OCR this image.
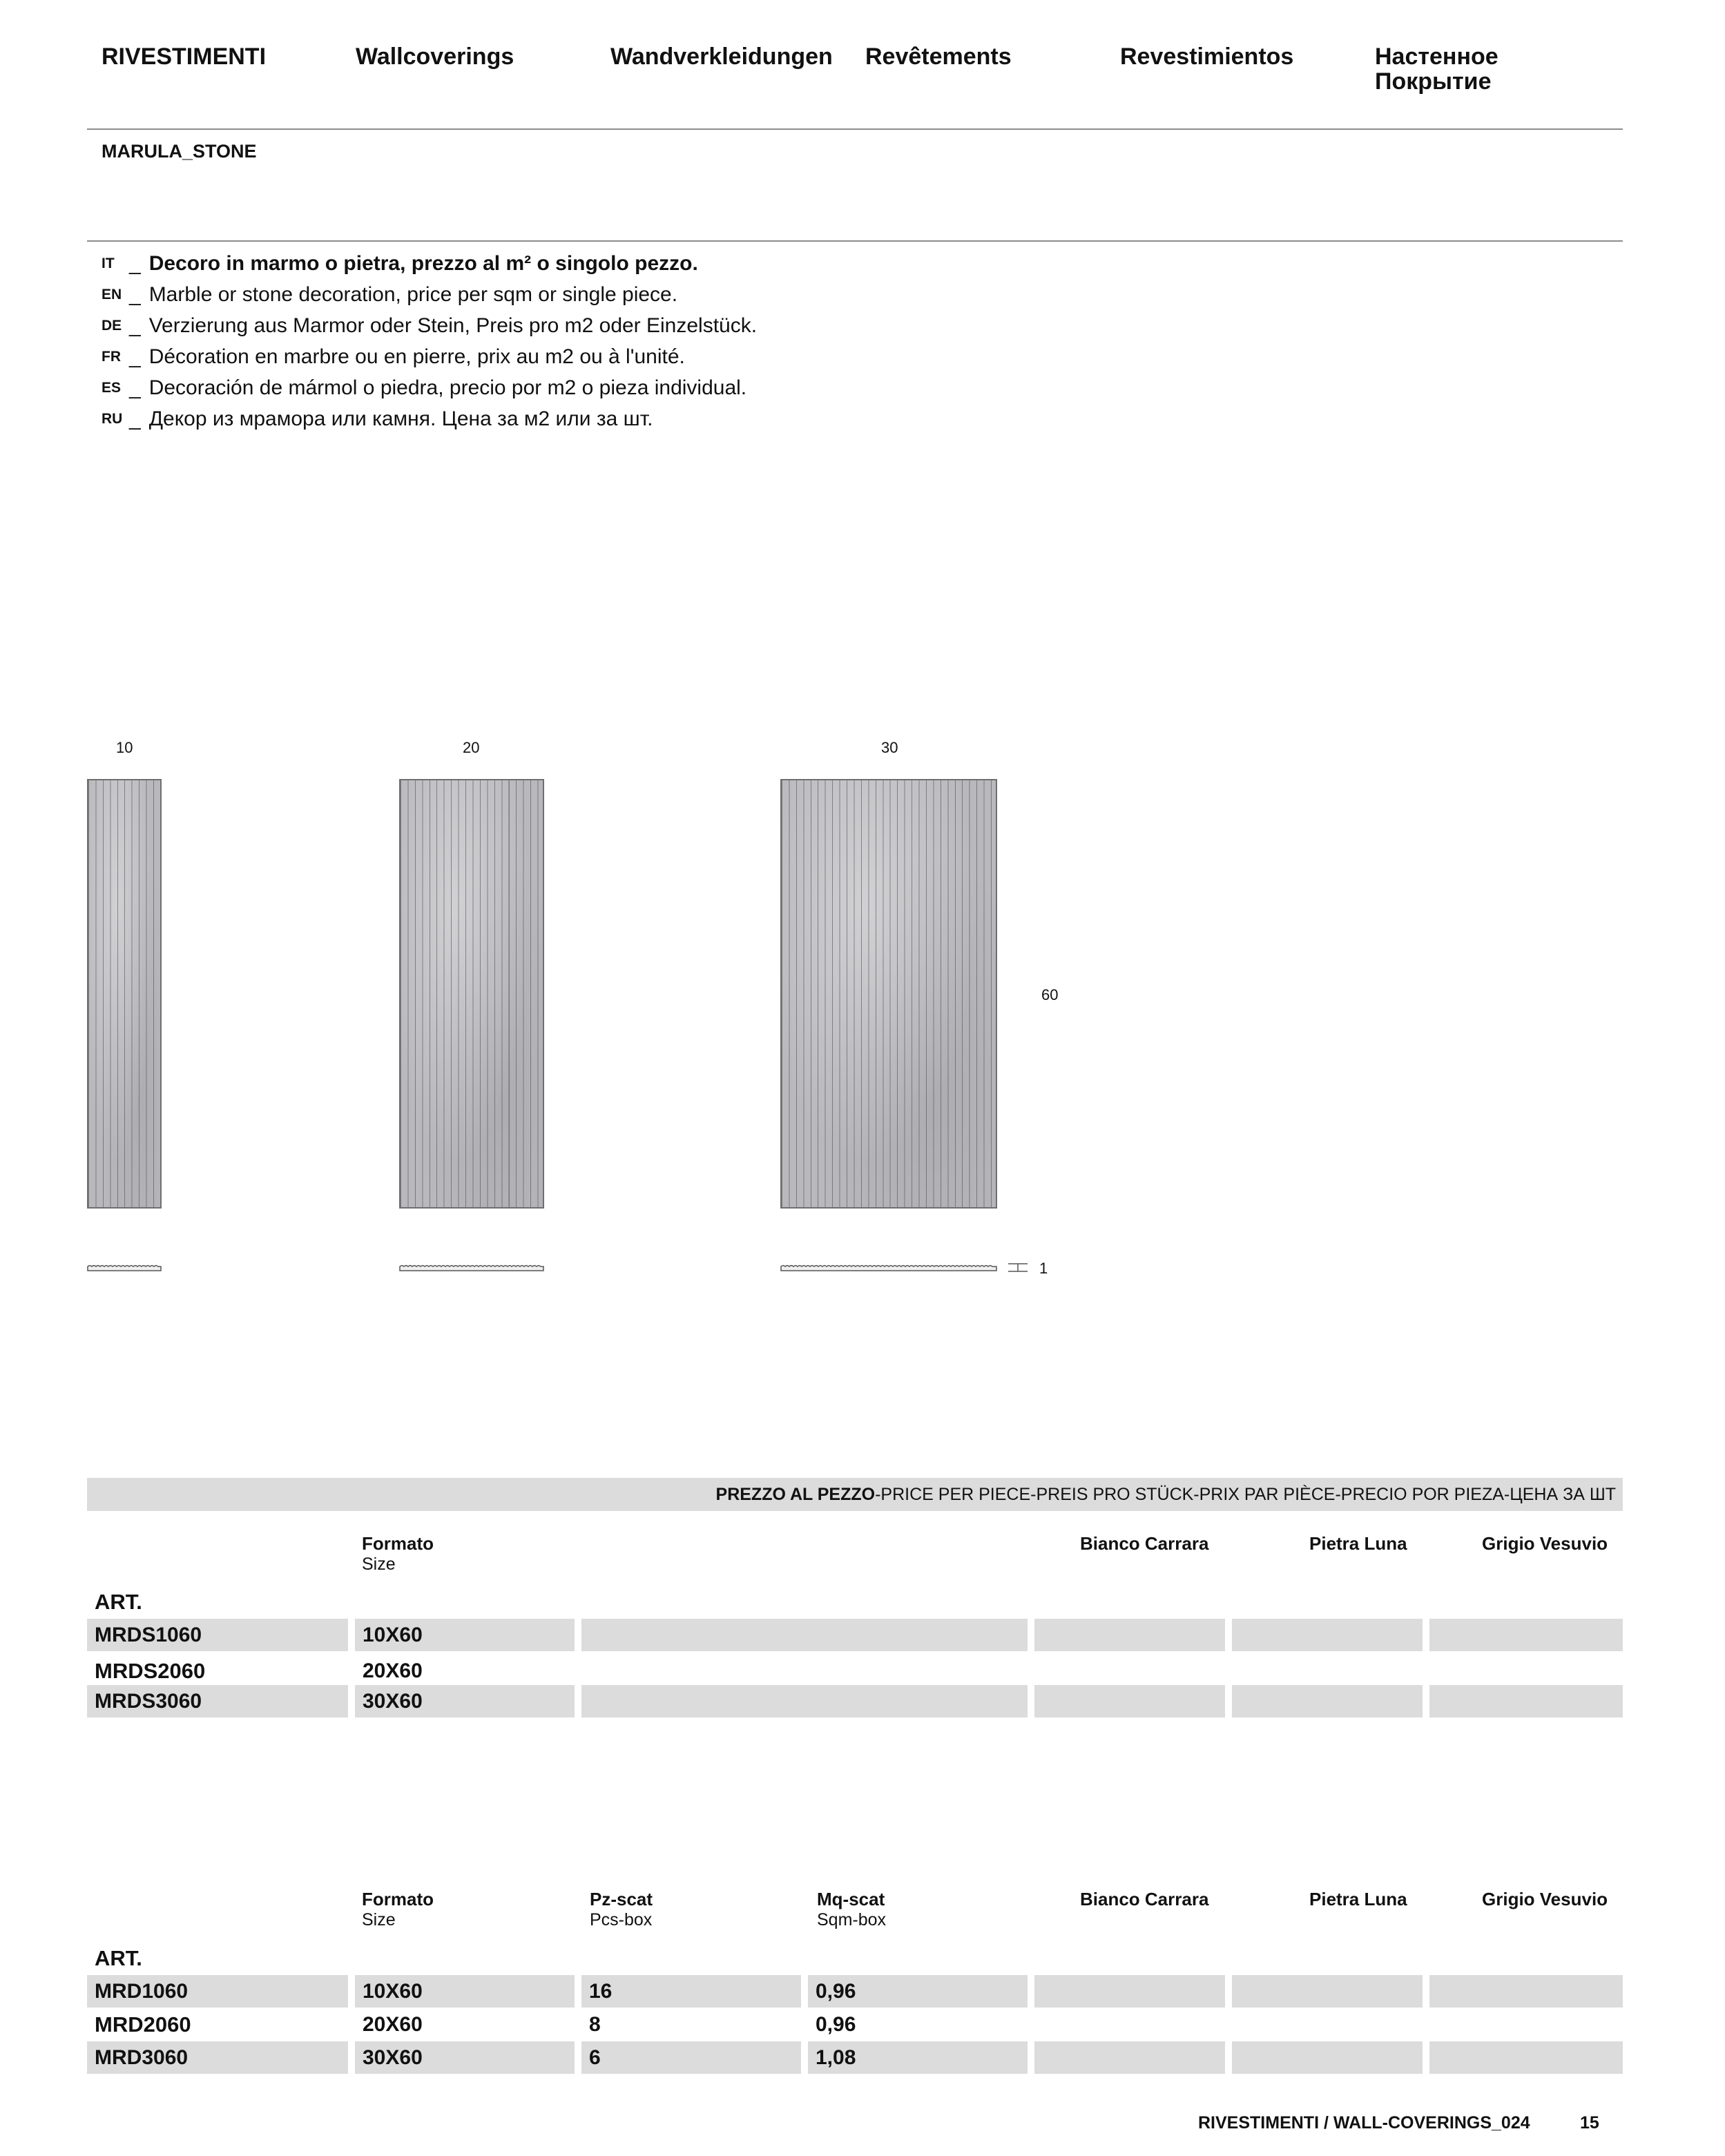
RIVESTIMENTI	Wallcoverings	Wandverkleidungen Revêtements	Revestimientos	Настенное Покрытие
MARULA_STONE
IT _ Decoro in marmo o pietra, prezzo al m² o singolo pezzo.
EN _ Marble or stone decoration, price per sqm or single piece.
DE _ Verzierung aus Marmor oder Stein, Preis pro m2 oder Einzelstück.
FR _ Décoration en marbre ou en pierre, prix au m2 ou à l'unité.
ES _ Decoración de mármol o piedra, precio por m2 o pieza individual.
RU _ Декор из мрамора или камня. Цена за м2 или за шт.
10	20	30
60
1
PREZZO AL PEZZO-PRICE PER PIECE-PREIS PRO STÜCK-PRIX PAR PIÈCE-PRECIO POR PIEZA-ЦЕНА ЗА ШТ
Formato
Size
Bianco Carrara	Pietra Luna	Grigio Vesuvio
ART.
MRDS1060	10X60
MRDS2060	20X60
MRDS3060	30X60
Formato
Size
Pz-scat
Pcs-box
Mq-scat
Sqm-box
Bianco Carrara	Pietra Luna	Grigio Vesuvio
ART.
MRD1060	10X60	16	0,96
MRD2060	20X60	8	0,96
MRD3060	30X60	6	1,08
RIVESTIMENTI / WALL-COVERINGS_024	15
